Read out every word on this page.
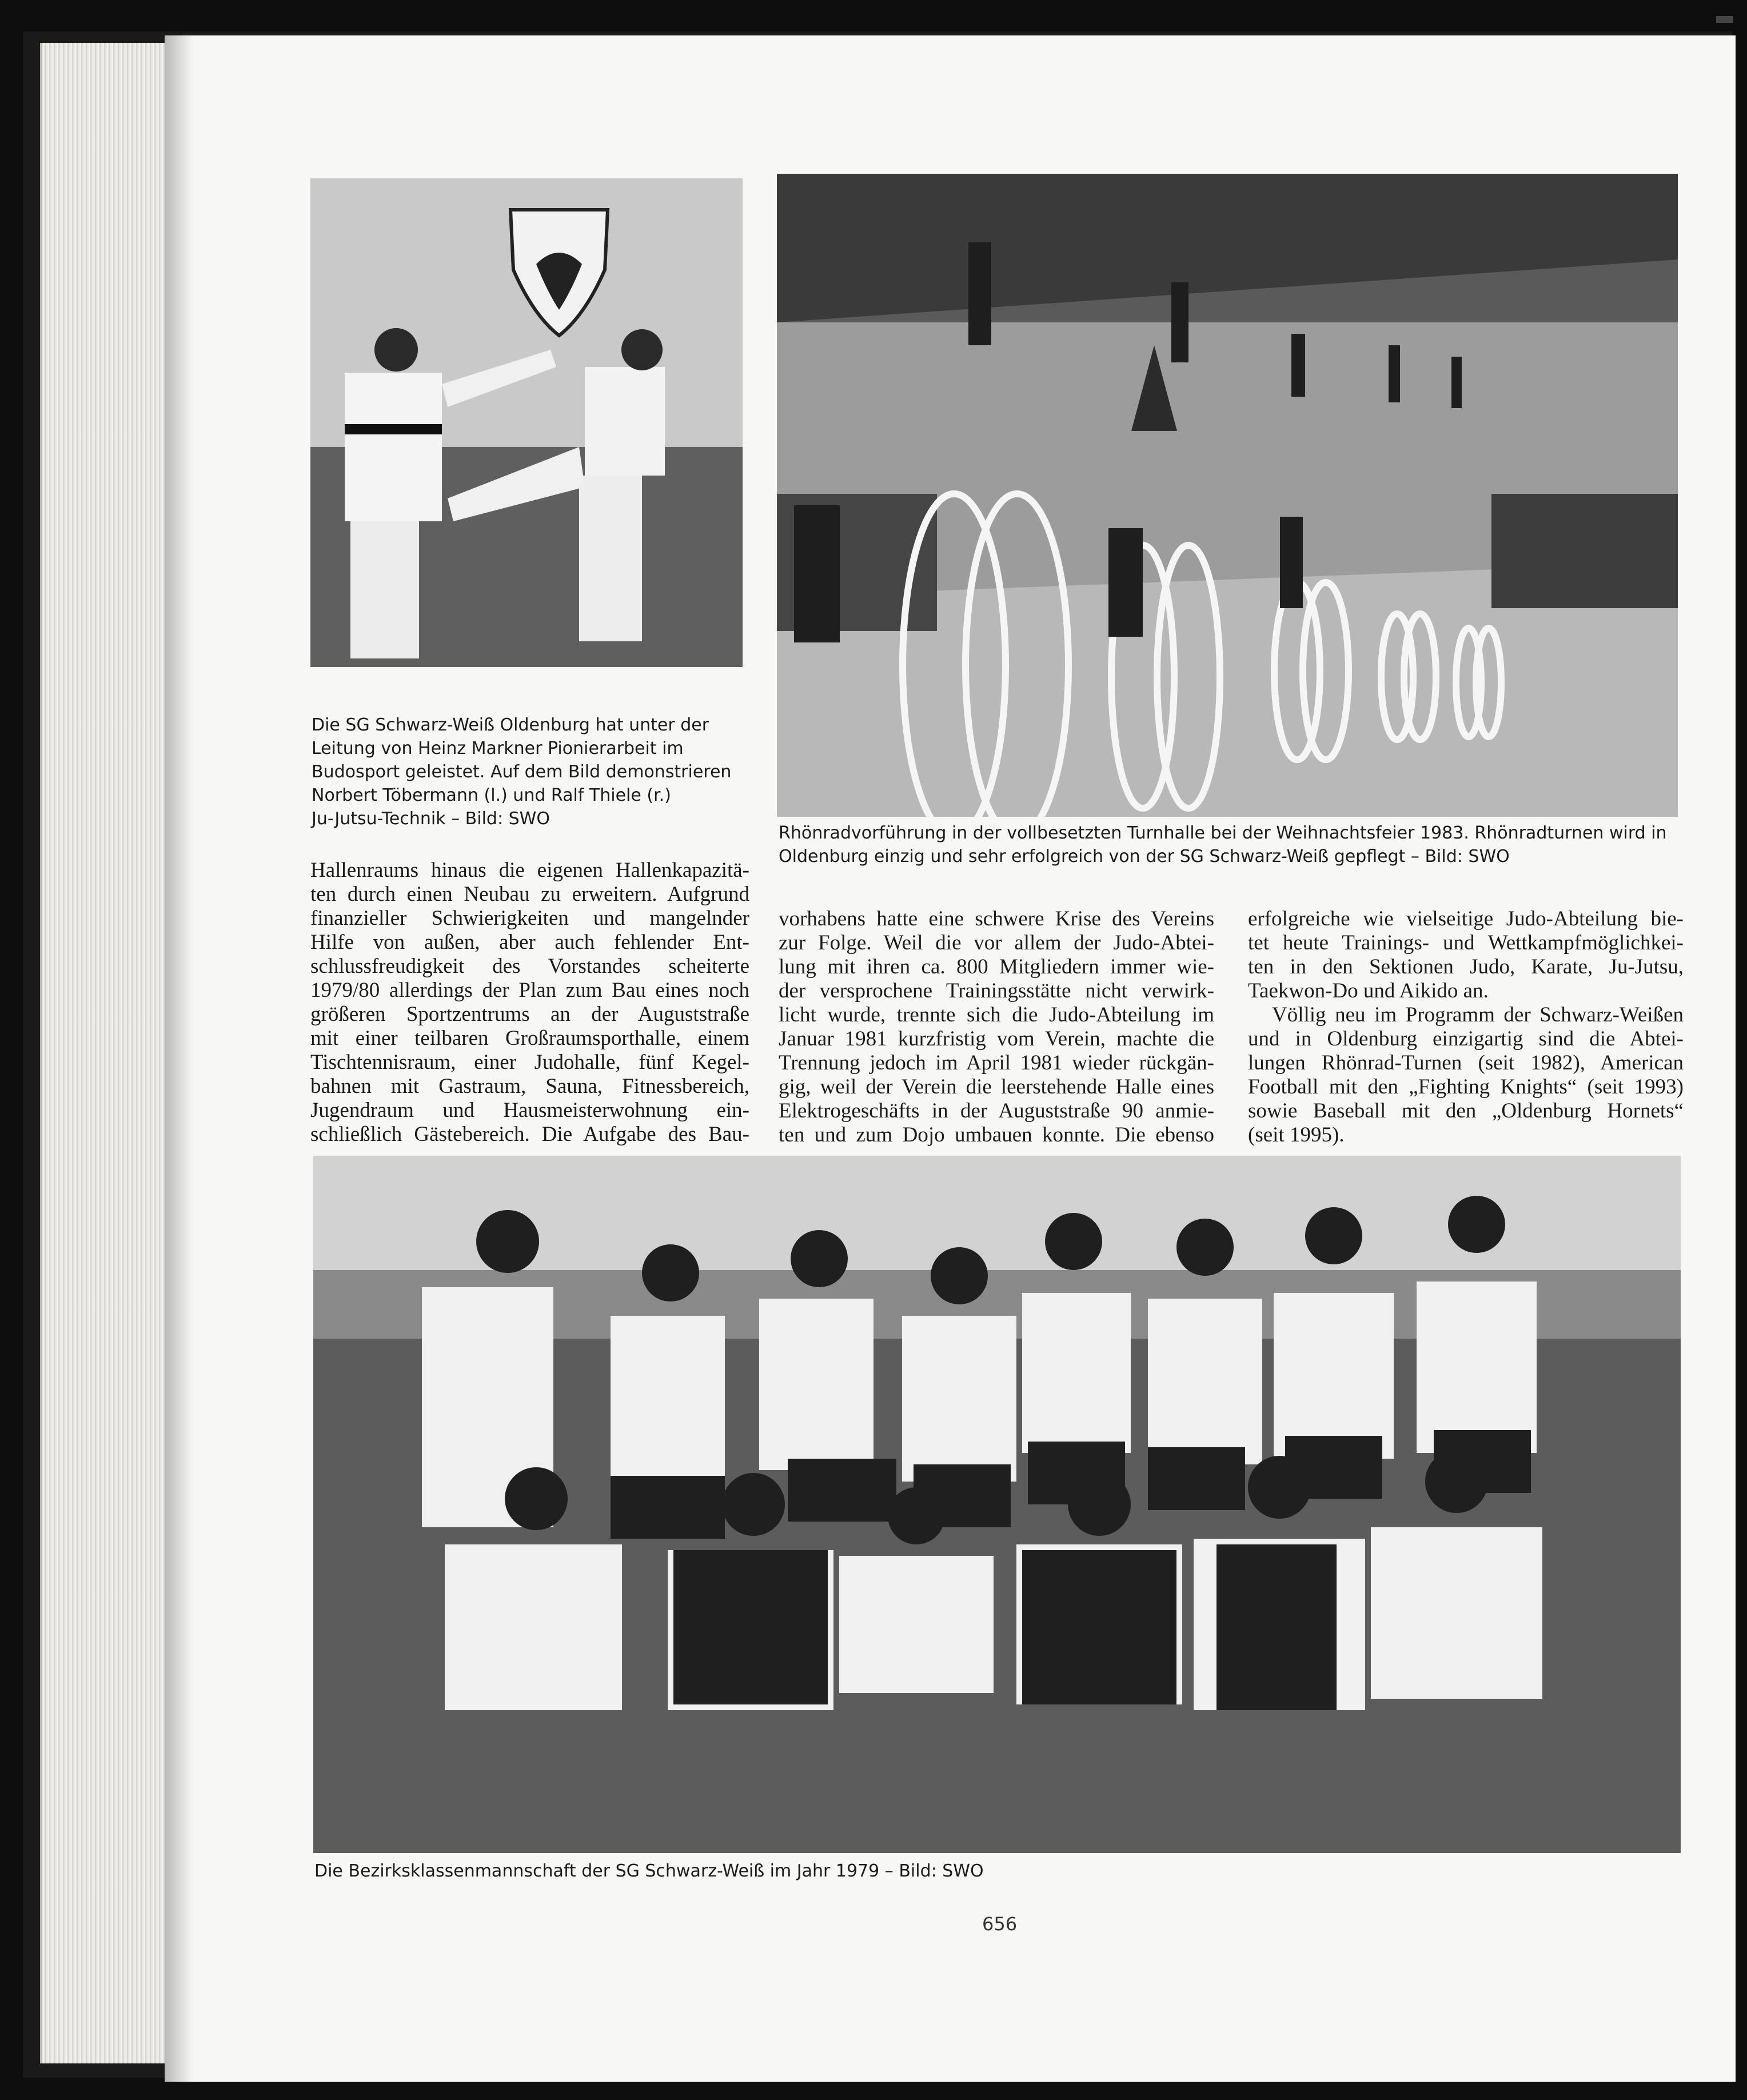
Die SG Schwarz-Weiß Oldenburg hat unter der
Leitung von Heinz Markner Pionierarbeit im
Budosport geleistet. Auf dem Bild demonstrieren
Norbert Töbermann (l.) und Ralf Thiele (r.)
Ju-Jutsu-Technik – Bild: SWO
Rhönradvorführung in der vollbesetzten Turnhalle bei der Weihnachtsfeier 1983. Rhönradturnen wird in
Oldenburg einzig und sehr erfolgreich von der SG Schwarz-Weiß gepflegt – Bild: SWO
Die Bezirksklassenmannschaft der SG Schwarz-Weiß im Jahr 1979 – Bild: SWO
Hallenraums hinaus die eigenen Hallenkapazitä-
ten durch einen Neubau zu erweitern. Aufgrund
finanzieller Schwierigkeiten und mangelnder
Hilfe von außen, aber auch fehlender Ent-
schlussfreudigkeit des Vorstandes scheiterte
1979/80 allerdings der Plan zum Bau eines noch
größeren Sportzentrums an der Auguststraße
mit einer teilbaren Großraumsporthalle, einem
Tischtennisraum, einer Judohalle, fünf Kegel-
bahnen mit Gastraum, Sauna, Fitnessbereich,
Jugendraum und Hausmeisterwohnung ein-
schließlich Gästebereich. Die Aufgabe des Bau-
vorhabens hatte eine schwere Krise des Vereins
zur Folge. Weil die vor allem der Judo-Abtei-
lung mit ihren ca. 800 Mitgliedern immer wie-
der versprochene Trainingsstätte nicht verwirk-
licht wurde, trennte sich die Judo-Abteilung im
Januar 1981 kurzfristig vom Verein, machte die
Trennung jedoch im April 1981 wieder rückgän-
gig, weil der Verein die leerstehende Halle eines
Elektrogeschäfts in der Auguststraße 90 anmie-
ten und zum Dojo umbauen konnte. Die ebenso
erfolgreiche wie vielseitige Judo-Abteilung bie-
tet heute Trainings- und Wettkampfmöglichkei-
ten in den Sektionen Judo, Karate, Ju-Jutsu,
Taekwon-Do und Aikido an.
Völlig neu im Programm der Schwarz-Weißen
und in Oldenburg einzigartig sind die Abtei-
lungen Rhönrad-Turnen (seit 1982), American
Football mit den „Fighting Knights“ (seit 1993)
sowie Baseball mit den „Oldenburg Hornets“
(seit 1995).
656
